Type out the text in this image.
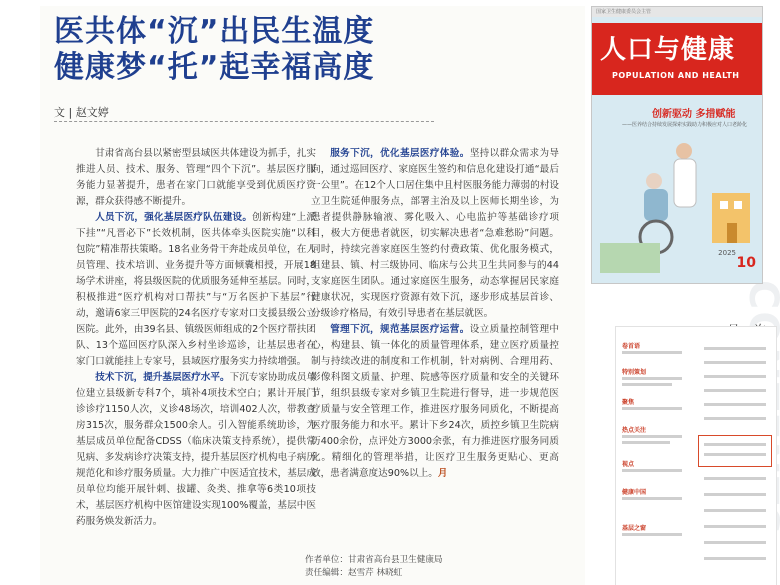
医共体“沉”出民生温度
健康梦“托”起幸福高度
文 | 赵文婷

甘肃省高台县以紧密型县域医共体建设为抓手，扎实推进人员、技术、服务、管理“四个下沉”。基层医疗服务能力显著提升，患者在家门口就能享受到优质医疗资源，群众获得感不断提升。

人员下沉，强化基层医疗队伍建设。创新构建“上派下挂”“凡晋必下”长效机制，医共体牵头医院实施“以科包院”精准帮扶策略。18名业务骨干奔赴成员单位，在人员管理、技术培训、业务提升等方面倾囊相授，开展18场学术讲座，将县级医院的优质服务延伸至基层。同时，积极推进“医疗机构对口帮扶”与“万名医护下基层”行动，邀请6家三甲医院的24名医疗专家对口支援县级公立医院。此外，由39名县、镇级医师组成的2个医疗帮扶团队、13个巡回医疗队深入乡村坐诊巡诊，让基层患者在家门口就能挂上专家号，县域医疗服务实力持续增强。

技术下沉，提升基层医疗水平。下沉专家协助成员单位建立县级新专科7个，填补4项技术空白；累计开展门诊诊疗1150人次，义诊48场次，培训402人次，带教查房315次，服务群众1500余人。引入智能系统助诊，为基层成员单位配备CDSS（临床决策支持系统），提供常见病、多发病诊疗决策支持，提升基层医疗机构电子病历规范化和诊疗服务质量。大力推广中医适宜技术，基层成员单位均能开展针刺、拔罐、灸类、推拿等6类10项技术，基层医疗机构中医馆建设实现100%覆盖，基层中医药服务焕发新活力。

服务下沉，优化基层医疗体验。坚持以群众需求为导向，通过巡回医疗、家庭医生签约和信息化建设打通“最后一公里”。在12个人口居住集中且村医服务能力薄弱的村设立卫生院延伸服务点，部署主治及以上医师长期坐诊，为患者提供静脉输液、雾化吸入、心电监护等基础诊疗项目，极大方便患者就医，切实解决患者“急难愁盼”问题。同时，持续完善家庭医生签约付费政策、优化服务模式，组建县、镇、村三级协同、临床与公共卫生共同参与的44支家庭医生团队。通过家庭医生服务，动态掌握居民家庭健康状况，实现医疗资源有效下沉，逐步形成基层首诊、分级诊疗格局，有效引导患者在基层就医。

管理下沉，规范基层医疗运营。设立质量控制管理中心，构建县、镇一体化的质量管理体系，建立医疗质量控制与持续改进的制度和工作机制，针对病例、合理用药、影像科图文质量、护理、院感等医疗质量和安全的关键环节，组织县级专家对乡镇卫生院进行督导，进一步规范医疗质量与安全管理工作，推进医疗服务同质化，不断提高医疗服务能力和水平。累计下乡24次，质控乡镇卫生院病历400余份，点评处方3000余张，有力推进医疗服务同质化。精细化的管理举措，让医疗卫生服务更贴心、更高效，患者满意度达90%以上。月

作者单位：甘肃省高台县卫生健康局
责任编辑：赵雪芹 林晓虹
国家卫生健康委员会主管
人口与健康
POPULATION AND HEALTH
创新驱动 多措赋能
——医养结合持续发展探索实践助力积极应对人口老龄化
2025
10
卷首语
特别策划
聚焦
热点关注
视点
健康中国
基层之窗
